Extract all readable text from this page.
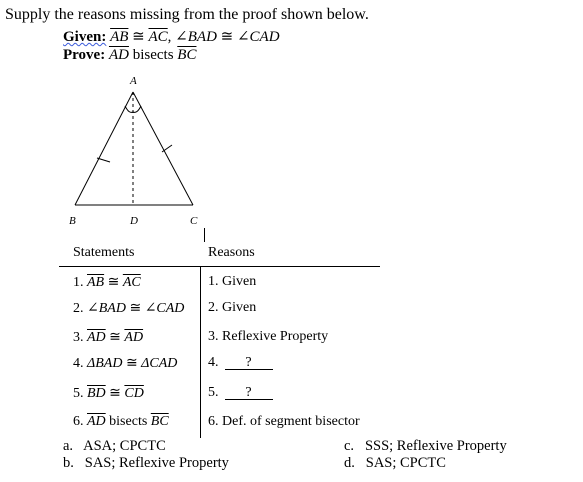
Supply the reasons missing from the proof shown below.
Given: $\overline{AB}$ ≅ $\overline{AC}$, ∠BAD ≅ ∠CAD
Prove: $\overline{AD}$ bisects $\overline{BC}$
A
B	D	C
Statements	Reasons
1. $\overline{AB}$ ≅ $\overline{AC}$	1. Given
2. ∠BAD ≅ ∠CAD 2. Given
3. $\overline{AD}$ ≅ $\overline{AD}$	3. Reflexive Property
4. ΔBAD ≅ ΔCAD 4. ?
5. $\overline{BD}$ ≅ $\overline{CD}$	5. ?
6. $\overline{AD}$ bisects $\overline{BC}$	6. Def. of segment bisector
a. ASA; CPCTC
b. SAS; Reflexive Property
c. SSS; Reflexive Property
d. SAS; CPCTC
